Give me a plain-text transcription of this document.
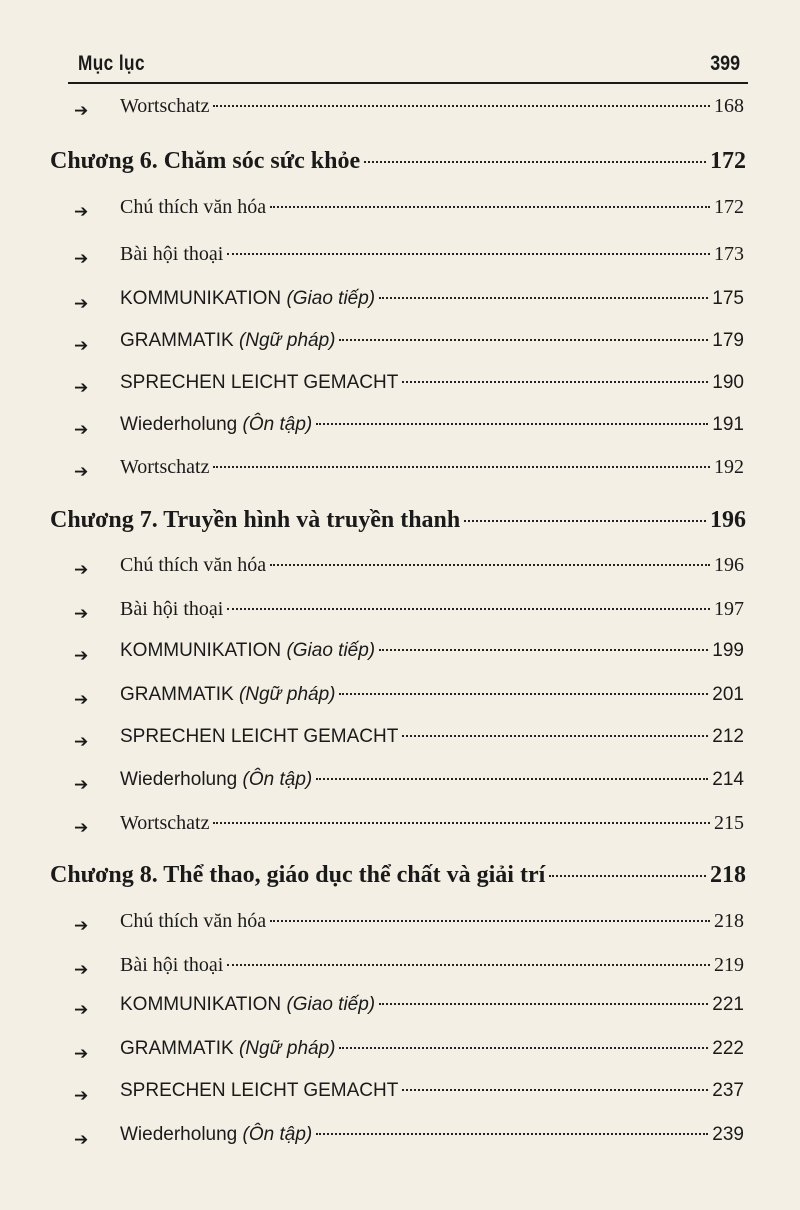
Mục lục	399
➔ Wortschatz	168
Chương 6. Chăm sóc sức khỏe	172
➔ Chú thích văn hóa	172
➔ Bài hội thoại	173
➔ KOMMUNIKATION (Giao tiếp)	175
➔ GRAMMATIK (Ngữ pháp)	179
➔ SPRECHEN LEICHT GEMACHT	190
➔ Wiederholung (Ôn tập)	191
➔ Wortschatz	192
Chương 7. Truyền hình và truyền thanh	196
➔ Chú thích văn hóa	196
➔ Bài hội thoại	197
➔ KOMMUNIKATION (Giao tiếp)	199
➔ GRAMMATIK (Ngữ pháp)	201
➔ SPRECHEN LEICHT GEMACHT	212
➔ Wiederholung (Ôn tập)	214
➔ Wortschatz	215
Chương 8. Thể thao, giáo dục thể chất và giải trí	218
➔ Chú thích văn hóa	218
➔ Bài hội thoại	219
➔ KOMMUNIKATION (Giao tiếp)	221
➔ GRAMMATIK (Ngữ pháp)	222
➔ SPRECHEN LEICHT GEMACHT	237
➔ Wiederholung (Ôn tập)	239
